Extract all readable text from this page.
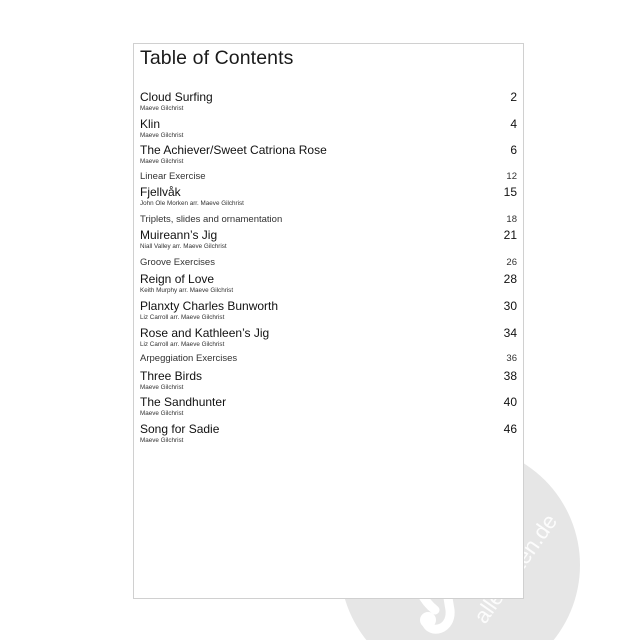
Table of Contents
Cloud Surfing	2
Maeve Gilchrist
Klin	4
Maeve Gilchrist
The Achiever/Sweet Catriona Rose	6
Maeve Gilchrist
Linear Exercise	12
Fjellvåk	15
John Ole Morken arr. Maeve Gilchrist
Triplets, slides and ornamentation	18
Muireann’s Jig	21
Niall Valley arr. Maeve Gilchrist
Groove Exercises	26
Reign of Love	28
Keith Murphy arr. Maeve Gilchrist
Planxty Charles Bunworth	30
Liz Carroll arr. Maeve Gilchrist
Rose and Kathleen’s Jig	34
Liz Carroll arr. Maeve Gilchrist
Arpeggiation Exercises	36
Three Birds	38
Maeve Gilchrist
The Sandhunter	40
Maeve Gilchrist
Song for Sadie	46
Maeve Gilchrist
